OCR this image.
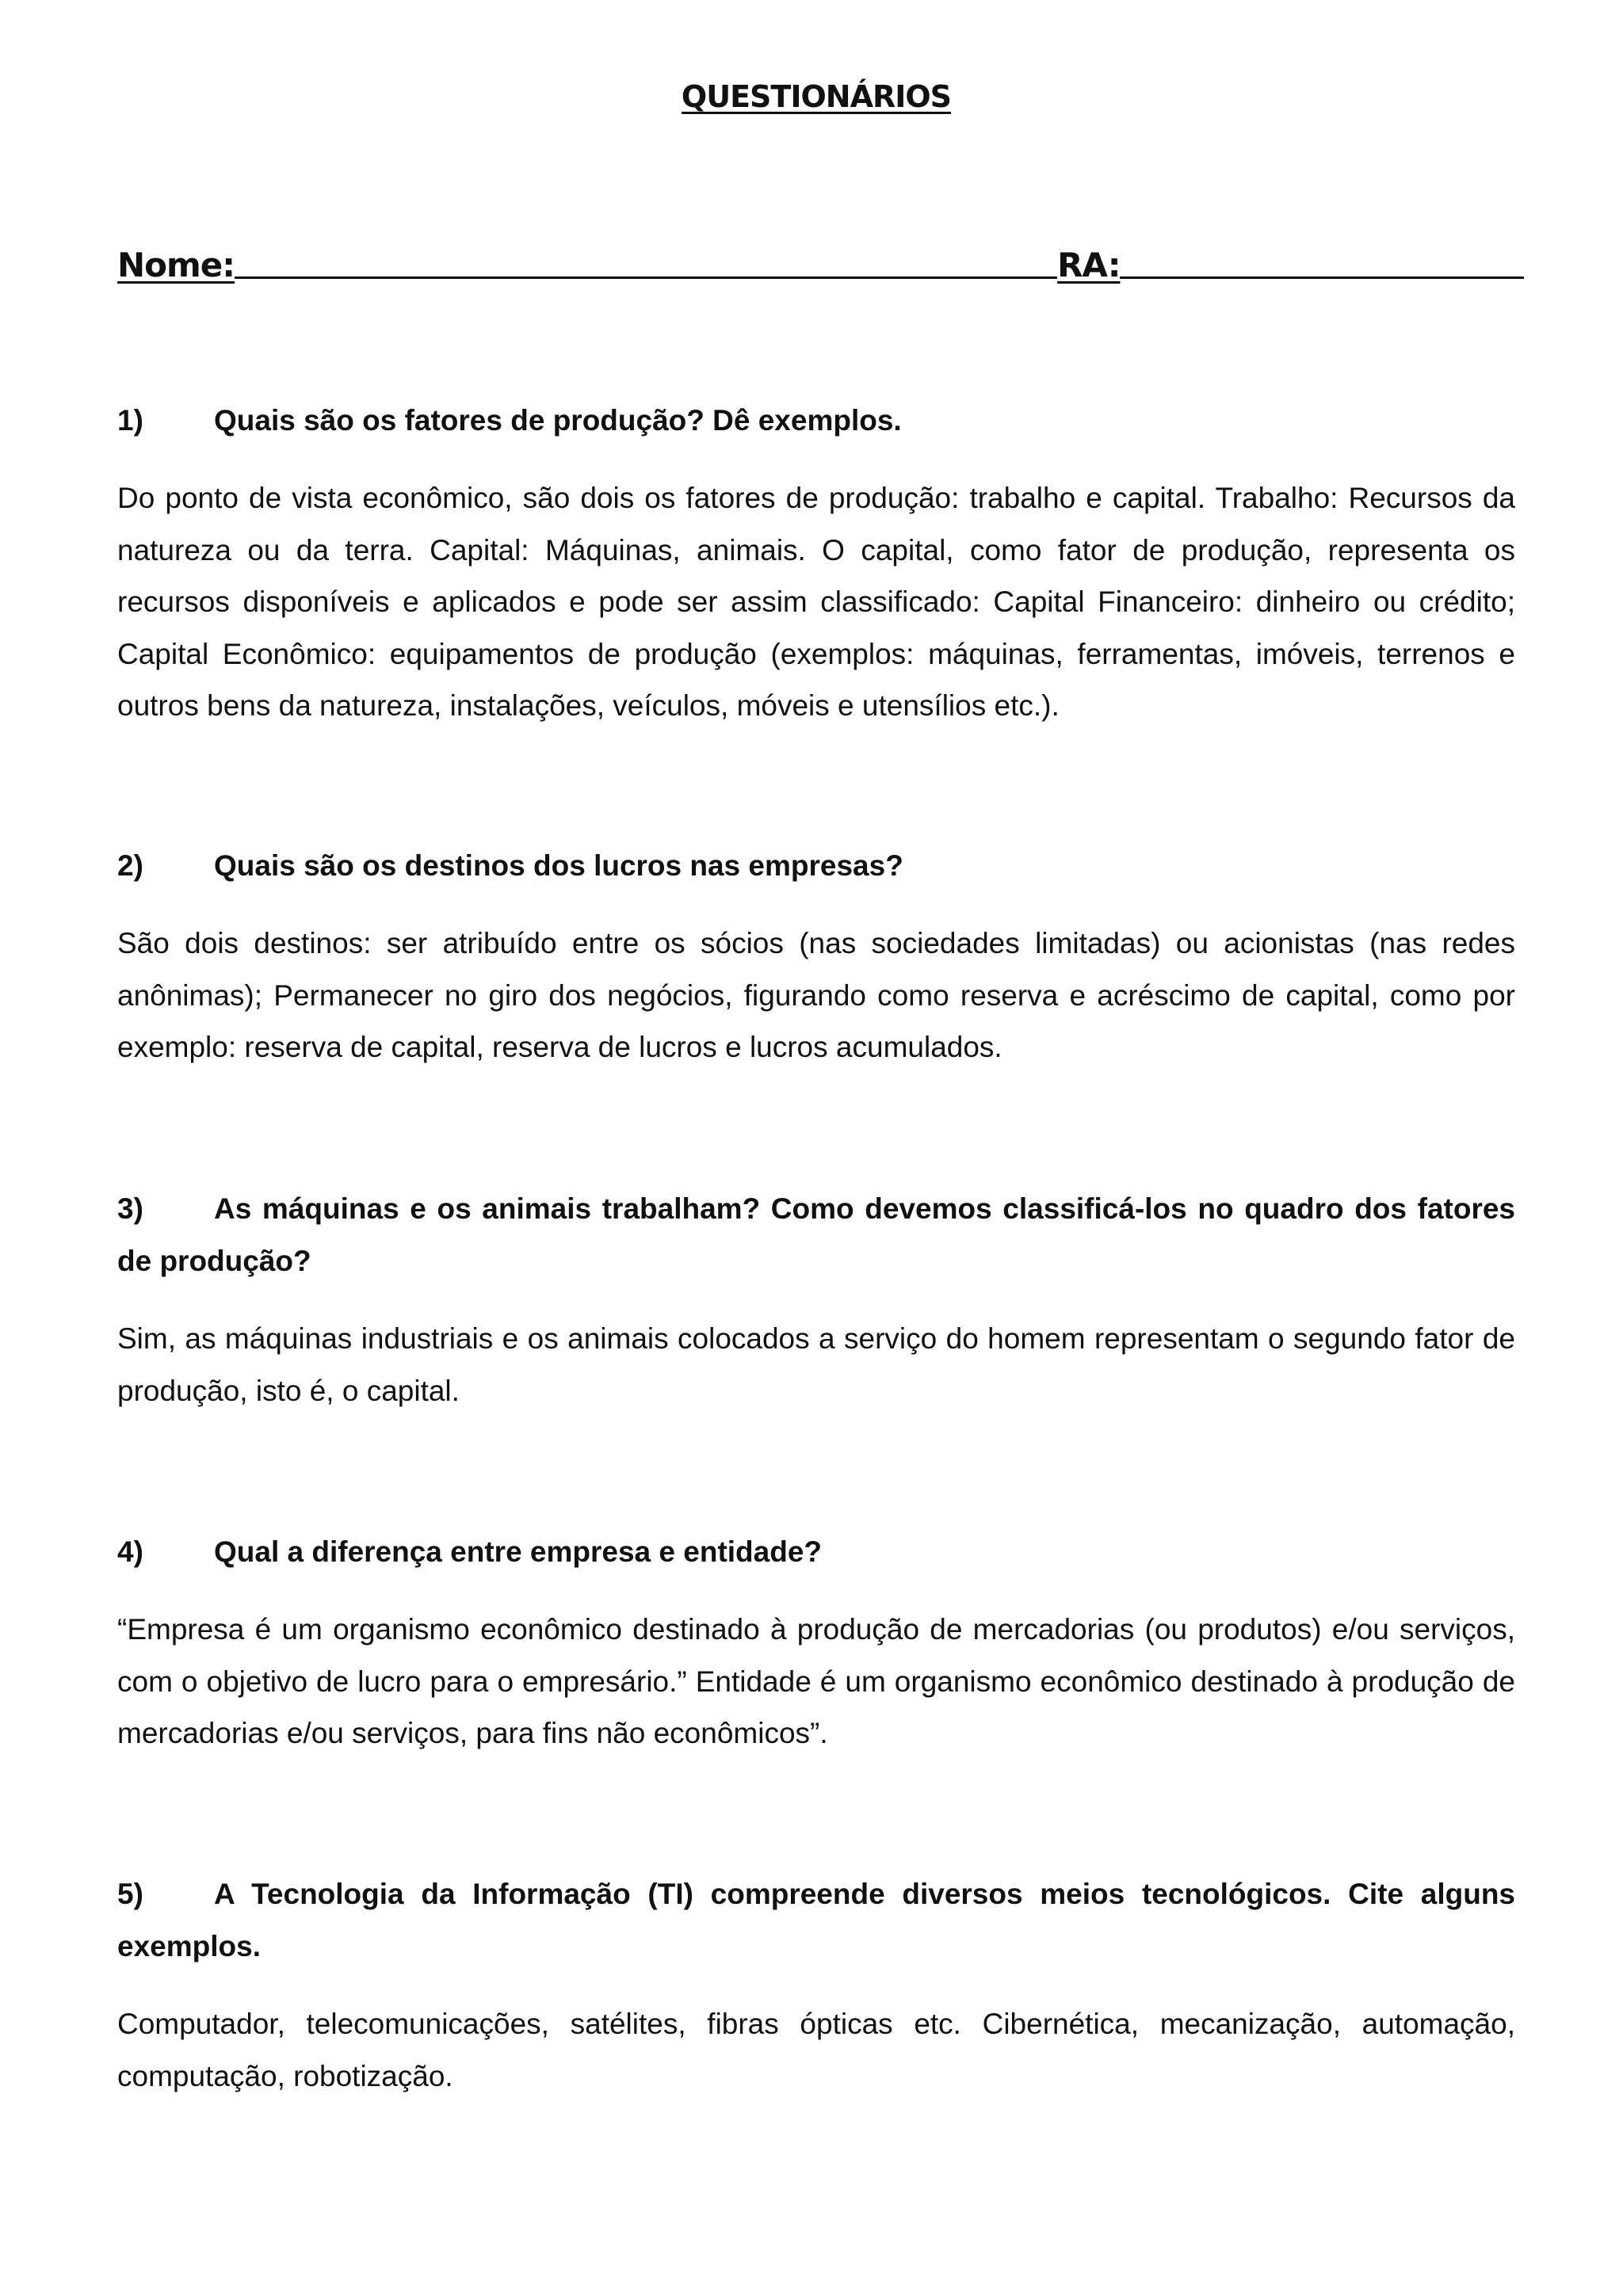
QUESTIONÁRIOS
Nome:	RA:

1) Quais são os fatores de produção? Dê exemplos.

Do ponto de vista econômico, são dois os fatores de produção: trabalho e capital. Trabalho: Recursos da natureza ou da terra. Capital: Máquinas, animais. O capital, como fator de produção, representa os recursos disponíveis e aplicados e pode ser assim classificado: Capital Financeiro: dinheiro ou crédito; Capital Econômico: equipamentos de produção (exemplos: máquinas, ferramentas, imóveis, terrenos e outros bens da natureza, instalações, veículos, móveis e utensílios etc.).

2) Quais são os destinos dos lucros nas empresas?

São dois destinos: ser atribuído entre os sócios (nas sociedades limitadas) ou acionistas (nas redes anônimas); Permanecer no giro dos negócios, figurando como reserva e acréscimo de capital, como por exemplo: reserva de capital, reserva de lucros e lucros acumulados.

3) As máquinas e os animais trabalham? Como devemos classificá-los no quadro dos fatores de produção?

Sim, as máquinas industriais e os animais colocados a serviço do homem representam o segundo fator de produção, isto é, o capital.

4) Qual a diferença entre empresa e entidade?

“Empresa é um organismo econômico destinado à produção de mercadorias (ou produtos) e/ou serviços, com o objetivo de lucro para o empresário.” Entidade é um organismo econômico destinado à produção de mercadorias e/ou serviços, para fins não econômicos”.

5) A Tecnologia da Informação (TI) compreende diversos meios tecnológicos. Cite alguns exemplos.

Computador, telecomunicações, satélites, fibras ópticas etc. Cibernética, mecanização, automação, computação, robotização.
